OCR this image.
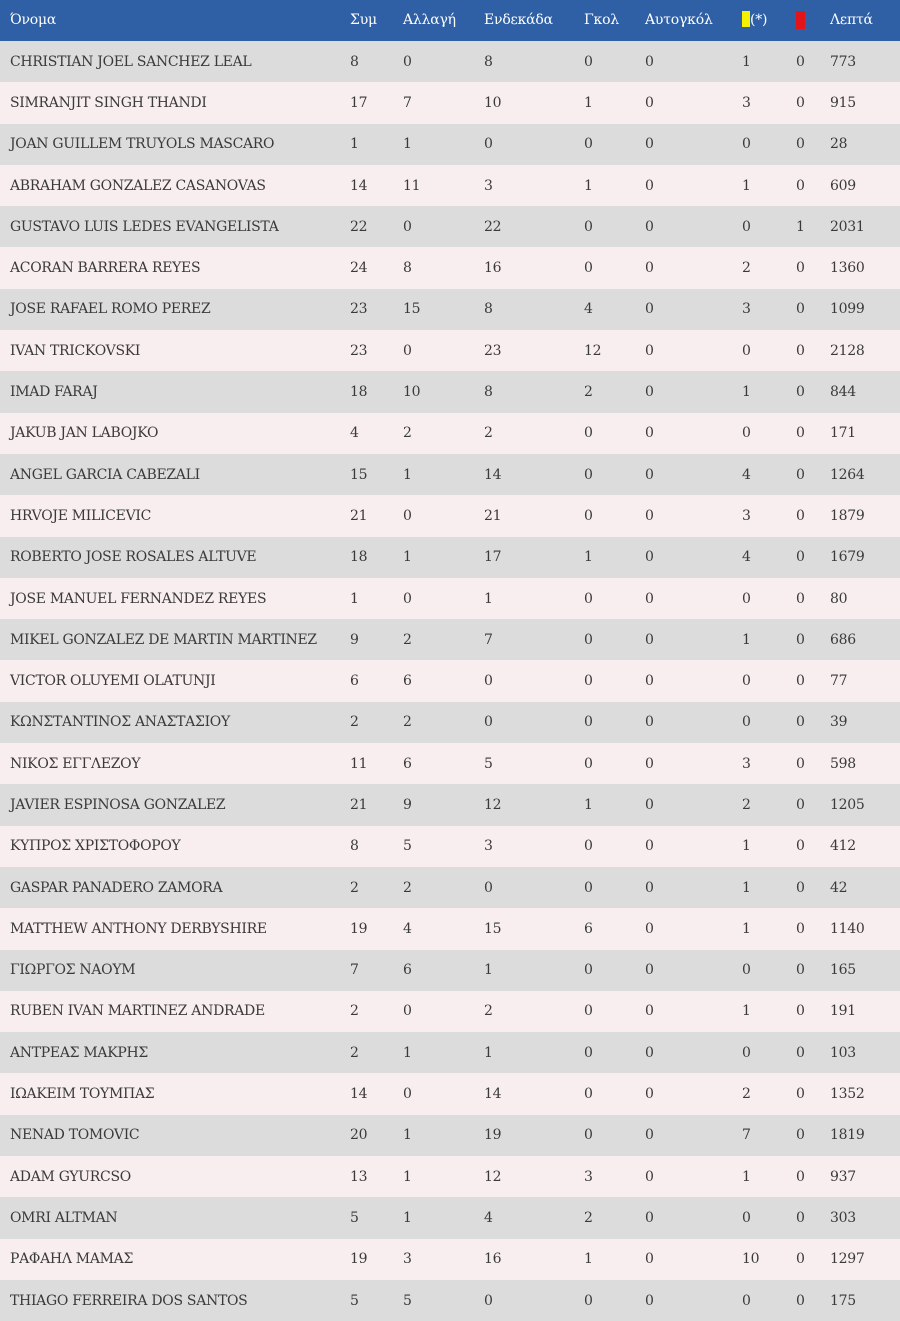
Όνομα	Συμ	Αλλαγή	Ενδεκάδα	Γκολ	Αυτογκόλ	(*)		Λεπτά
CHRISTIAN JOEL SANCHEZ LEAL	8	0	8	0	0	1	0	773
SIMRANJIT SINGH THANDI	17	7	10	1	0	3	0	915
JOAN GUILLEM TRUYOLS MASCARO	1	1	0	0	0	0	0	28
ABRAHAM GONZALEZ CASANOVAS	14	11	3	1	0	1	0	609
GUSTAVO LUIS LEDES EVANGELISTA	22	0	22	0	0	0	1	2031
ACORAN BARRERA REYES	24	8	16	0	0	2	0	1360
JOSE RAFAEL ROMO PEREZ	23	15	8	4	0	3	0	1099
IVAN TRICKOVSKI	23	0	23	12	0	0	0	2128
IMAD FARAJ	18	10	8	2	0	1	0	844
JAKUB JAN LABOJKO	4	2	2	0	0	0	0	171
ANGEL GARCIA CABEZALI	15	1	14	0	0	4	0	1264
HRVOJE MILICEVIC	21	0	21	0	0	3	0	1879
ROBERTO JOSE ROSALES ALTUVE	18	1	17	1	0	4	0	1679
JOSE MANUEL FERNANDEZ REYES	1	0	1	0	0	0	0	80
MIKEL GONZALEZ DE MARTIN MARTINEZ	9	2	7	0	0	1	0	686
VICTOR OLUYEMI OLATUNJI	6	6	0	0	0	0	0	77
ΚΩΝΣΤΑΝΤΙΝΟΣ ΑΝΑΣΤΑΣΙΟΥ	2	2	0	0	0	0	0	39
ΝΙΚΟΣ ΕΓΓΛΕΖΟΥ	11	6	5	0	0	3	0	598
JAVIER ESPINOSA GONZALEZ	21	9	12	1	0	2	0	1205
ΚΥΠΡΟΣ ΧΡΙΣΤΟΦΟΡΟΥ	8	5	3	0	0	1	0	412
GASPAR PANADERO ZAMORA	2	2	0	0	0	1	0	42
MATTHEW ANTHONY DERBYSHIRE	19	4	15	6	0	1	0	1140
ΓΙΩΡΓΟΣ ΝΑΟΥΜ	7	6	1	0	0	0	0	165
RUBEN IVAN MARTINEZ ANDRADE	2	0	2	0	0	1	0	191
ΑΝΤΡΕΑΣ ΜΑΚΡΗΣ	2	1	1	0	0	0	0	103
ΙΩΑΚΕΙΜ ΤΟΥΜΠΑΣ	14	0	14	0	0	2	0	1352
NENAD TOMOVIC	20	1	19	0	0	7	0	1819
ADAM GYURCSO	13	1	12	3	0	1	0	937
OMRI ALTMAN	5	1	4	2	0	0	0	303
ΡΑΦΑΗΛ ΜΑΜΑΣ	19	3	16	1	0	10	0	1297
THIAGO FERREIRA DOS SANTOS	5	5	0	0	0	0	0	175
